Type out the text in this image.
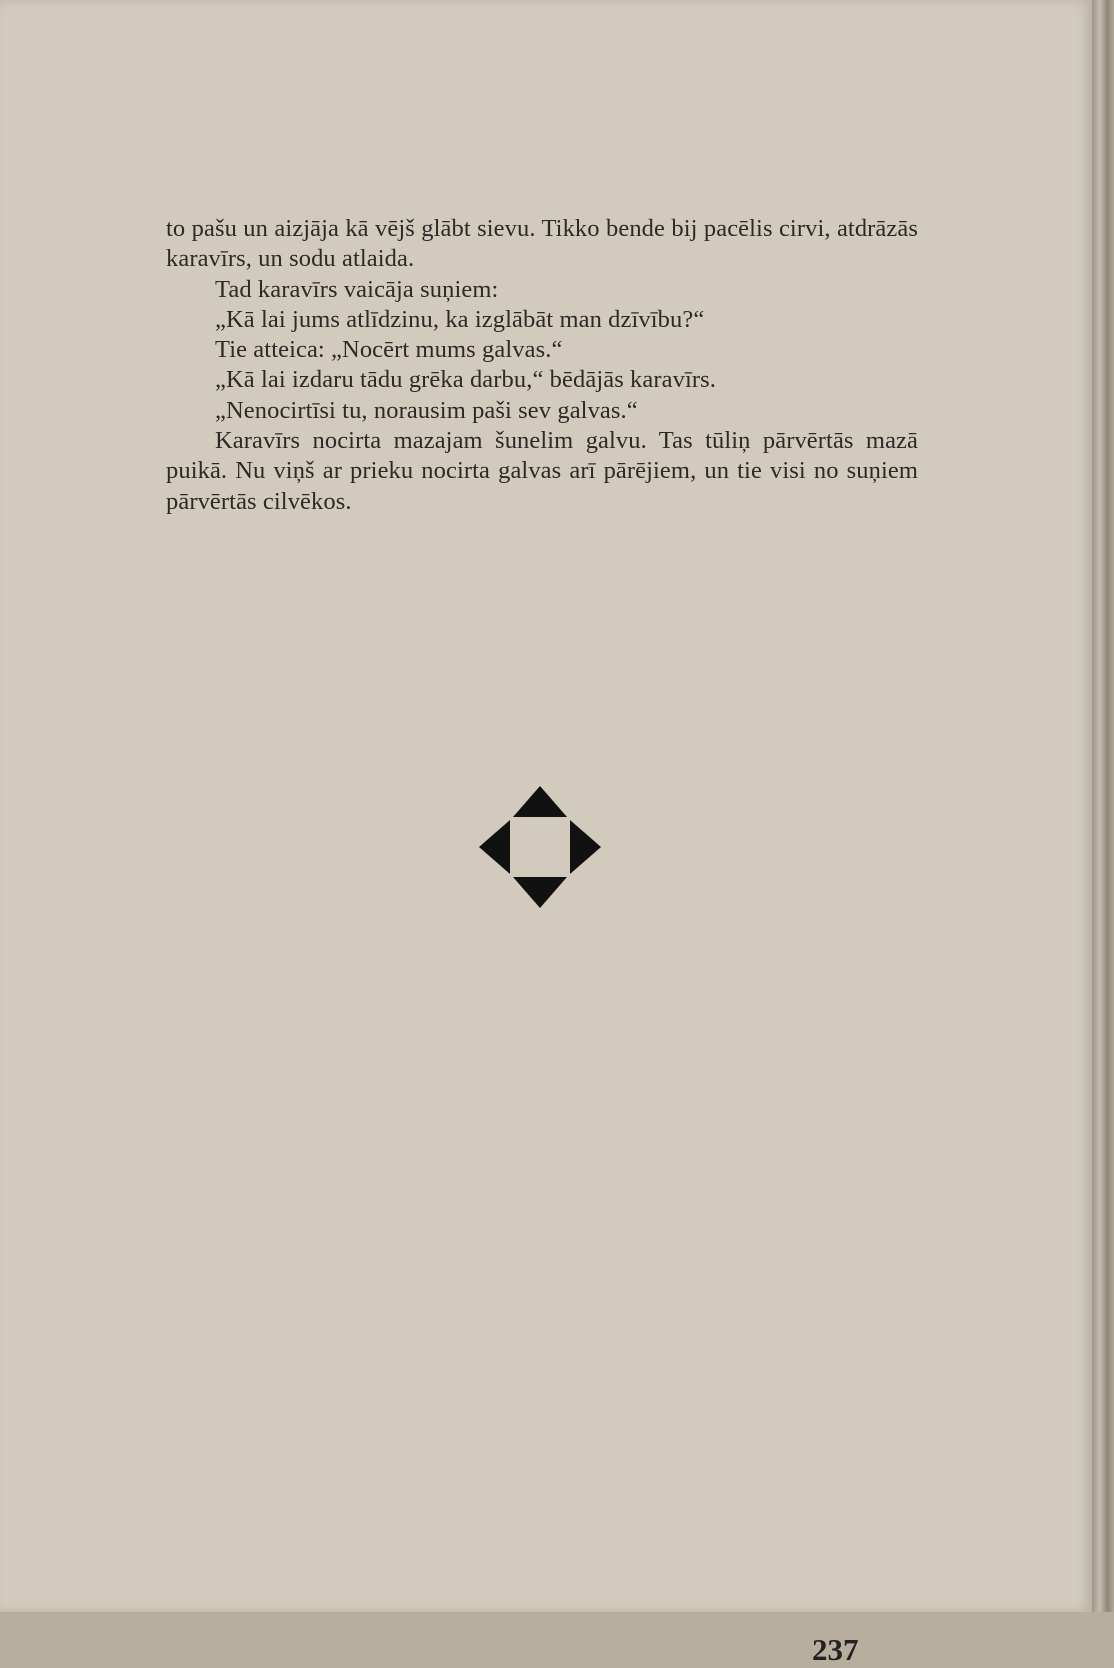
to pašu un aizjāja kā vējš glābt sievu. Tikko bende bij pacēlis cirvi, atdrāzās karavīrs, un sodu atlaida.

Tad karavīrs vaicāja suņiem:

„Kā lai jums atlīdzinu, ka izglābāt man dzīvību?“

Tie atteica: „Nocērt mums galvas.“

„Kā lai izdaru tādu grēka darbu,“ bēdājās karavīrs.

„Nenocirtīsi tu, norausim paši sev galvas.“

Karavīrs nocirta mazajam šunelim galvu. Tas tūliņ pārvērtās mazā puikā. Nu viņš ar prieku nocirta galvas arī pārējiem, un tie visi no suņiem pārvērtās cilvēkos.

237
